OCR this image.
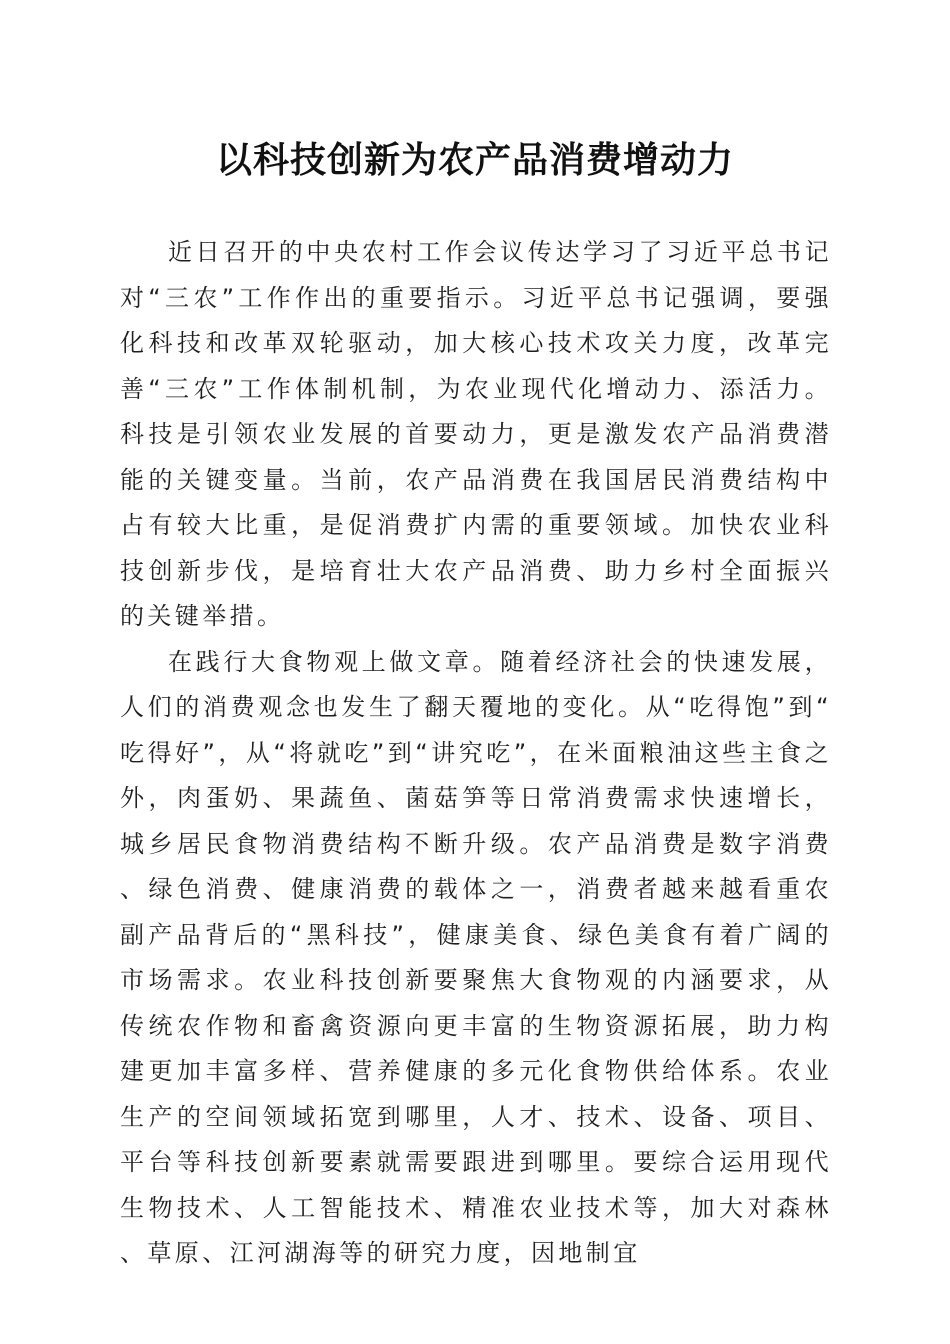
以科技创新为农产品消费增动力

近日召开的中央农村工作会议传达学习了习近平总书记对“三农”工作作出的重要指示。习近平总书记强调，要强化科技和改革双轮驱动，加大核心技术攻关力度，改革完善“三农”工作体制机制，为农业现代化增动力、添活力。科技是引领农业发展的首要动力，更是激发农产品消费潜能的关键变量。当前，农产品消费在我国居民消费结构中占有较大比重，是促消费扩内需的重要领域。加快农业科技创新步伐，是培育壮大农产品消费、助力乡村全面振兴的关键举措。

在践行大食物观上做文章。随着经济社会的快速发展，人们的消费观念也发生了翻天覆地的变化。从“吃得饱”到“吃得好”，从“将就吃”到“讲究吃”，在米面粮油这些主食之外，肉蛋奶、果蔬鱼、菌菇笋等日常消费需求快速增长，城乡居民食物消费结构不断升级。农产品消费是数字消费、绿色消费、健康消费的载体之一，消费者越来越看重农副产品背后的“黑科技”，健康美食、绿色美食有着广阔的市场需求。农业科技创新要聚焦大食物观的内涵要求，从传统农作物和畜禽资源向更丰富的生物资源拓展，助力构建更加丰富多样、营养健康的多元化食物供给体系。农业生产的空间领域拓宽到哪里，人才、技术、设备、项目、平台等科技创新要素就需要跟进到哪里。要综合运用现代生物技术、人工智能技术、精准农业技术等，加大对森林、草原、江河湖海等的研究力度，因地制宜
